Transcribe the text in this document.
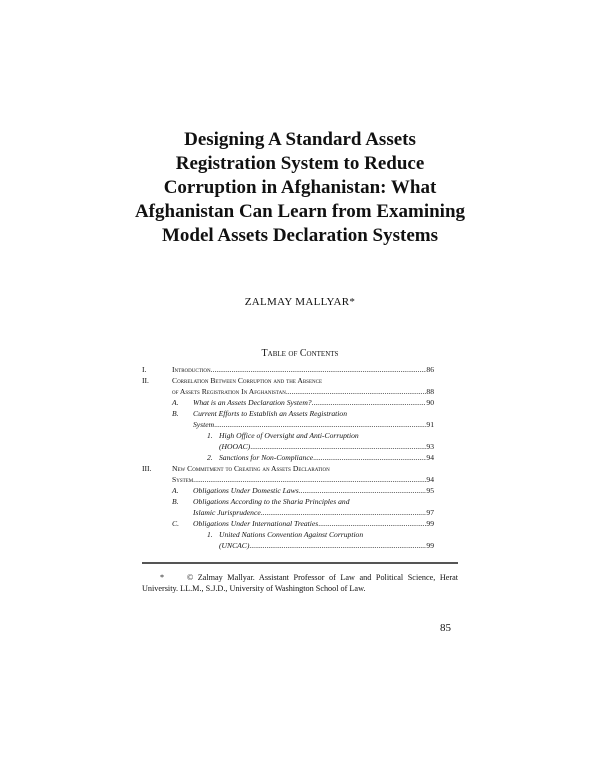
Designing A Standard Assets
Registration System to Reduce
Corruption in Afghanistan: What
Afghanistan Can Learn from Examining
Model Assets Declaration Systems
ZALMAY MALLYAR*
Table of Contents
I.	Introduction .....	86
II.	Correlation Between Corruption and the Absence
of Assets Registration In Afghanistan .....	88
A. What is an Assets Declaration System? .....	90
B. Current Efforts to Establish an Assets Registration
System .....	91
1. High Office of Oversight and Anti-Corruption
(HOOAC) .....	93
2. Sanctions for Non-Compliance .....	94
III.	New Commitment to Creating an Assets Declaration
System .....	94
A. Obligations Under Domestic Laws .....	95
B. Obligations According to the Sharia Principles and
Islamic Jurisprudence .....	97
C. Obligations Under International Treaties .....	99
1. United Nations Convention Against Corruption
(UNCAC) .....	99
*	© Zalmay Mallyar. Assistant Professor of Law and Political Science, Herat University. LL.M., S.J.D., University of Washington School of Law.
85
